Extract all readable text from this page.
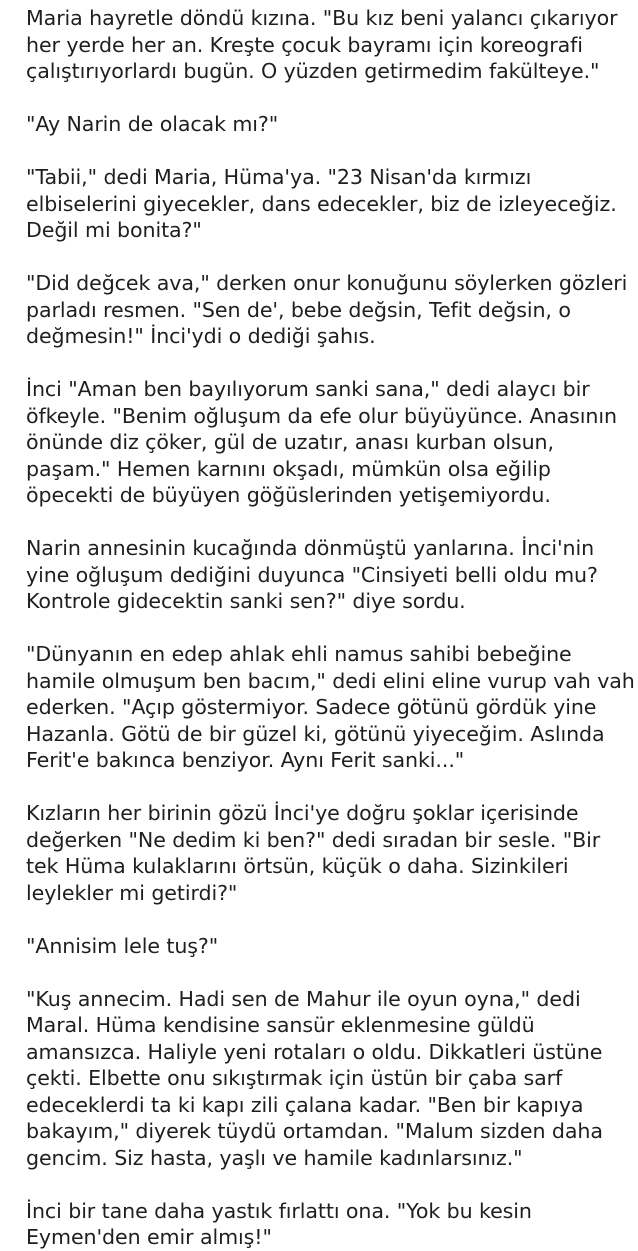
Maria hayretle döndü kızına. "Bu kız beni yalancı çıkarıyor
her yerde her an. Kreşte çocuk bayramı için koreografi
çalıştırıyorlardı bugün. O yüzden getirmedim fakülteye."

"Ay Narin de olacak mı?"

"Tabii," dedi Maria, Hüma'ya. "23 Nisan'da kırmızı
elbiselerini giyecekler, dans edecekler, biz de izleyeceğiz.
Değil mi bonita?"

"Did değcek ava," derken onur konuğunu söylerken gözleri
parladı resmen. "Sen de', bebe değsin, Tefit değsin, o
değmesin!" İnci'ydi o dediği şahıs.

İnci "Aman ben bayılıyorum sanki sana," dedi alaycı bir
öfkeyle. "Benim oğluşum da efe olur büyüyünce. Anasının
önünde diz çöker, gül de uzatır, anası kurban olsun,
paşam." Hemen karnını okşadı, mümkün olsa eğilip
öpecekti de büyüyen göğüslerinden yetişemiyordu.

Narin annesinin kucağında dönmüştü yanlarına. İnci'nin
yine oğluşum dediğini duyunca "Cinsiyeti belli oldu mu?
Kontrole gidecektin sanki sen?" diye sordu.

"Dünyanın en edep ahlak ehli namus sahibi bebeğine
hamile olmuşum ben bacım," dedi elini eline vurup vah vah
ederken. "Açıp göstermiyor. Sadece götünü gördük yine
Hazanla. Götü de bir güzel ki, götünü yiyeceğim. Aslında
Ferit'e bakınca benziyor. Aynı Ferit sanki..."

Kızların her birinin gözü İnci'ye doğru şoklar içerisinde
değerken "Ne dedim ki ben?" dedi sıradan bir sesle. "Bir
tek Hüma kulaklarını örtsün, küçük o daha. Sizinkileri
leylekler mi getirdi?"

"Annisim lele tuş?"

"Kuş annecim. Hadi sen de Mahur ile oyun oyna," dedi
Maral. Hüma kendisine sansür eklenmesine güldü
amansızca. Haliyle yeni rotaları o oldu. Dikkatleri üstüne
çekti. Elbette onu sıkıştırmak için üstün bir çaba sarf
edeceklerdi ta ki kapı zili çalana kadar. "Ben bir kapıya
bakayım," diyerek tüydü ortamdan. "Malum sizden daha
gencim. Siz hasta, yaşlı ve hamile kadınlarsınız."

İnci bir tane daha yastık fırlattı ona. "Yok bu kesin
Eymen'den emir almış!"
